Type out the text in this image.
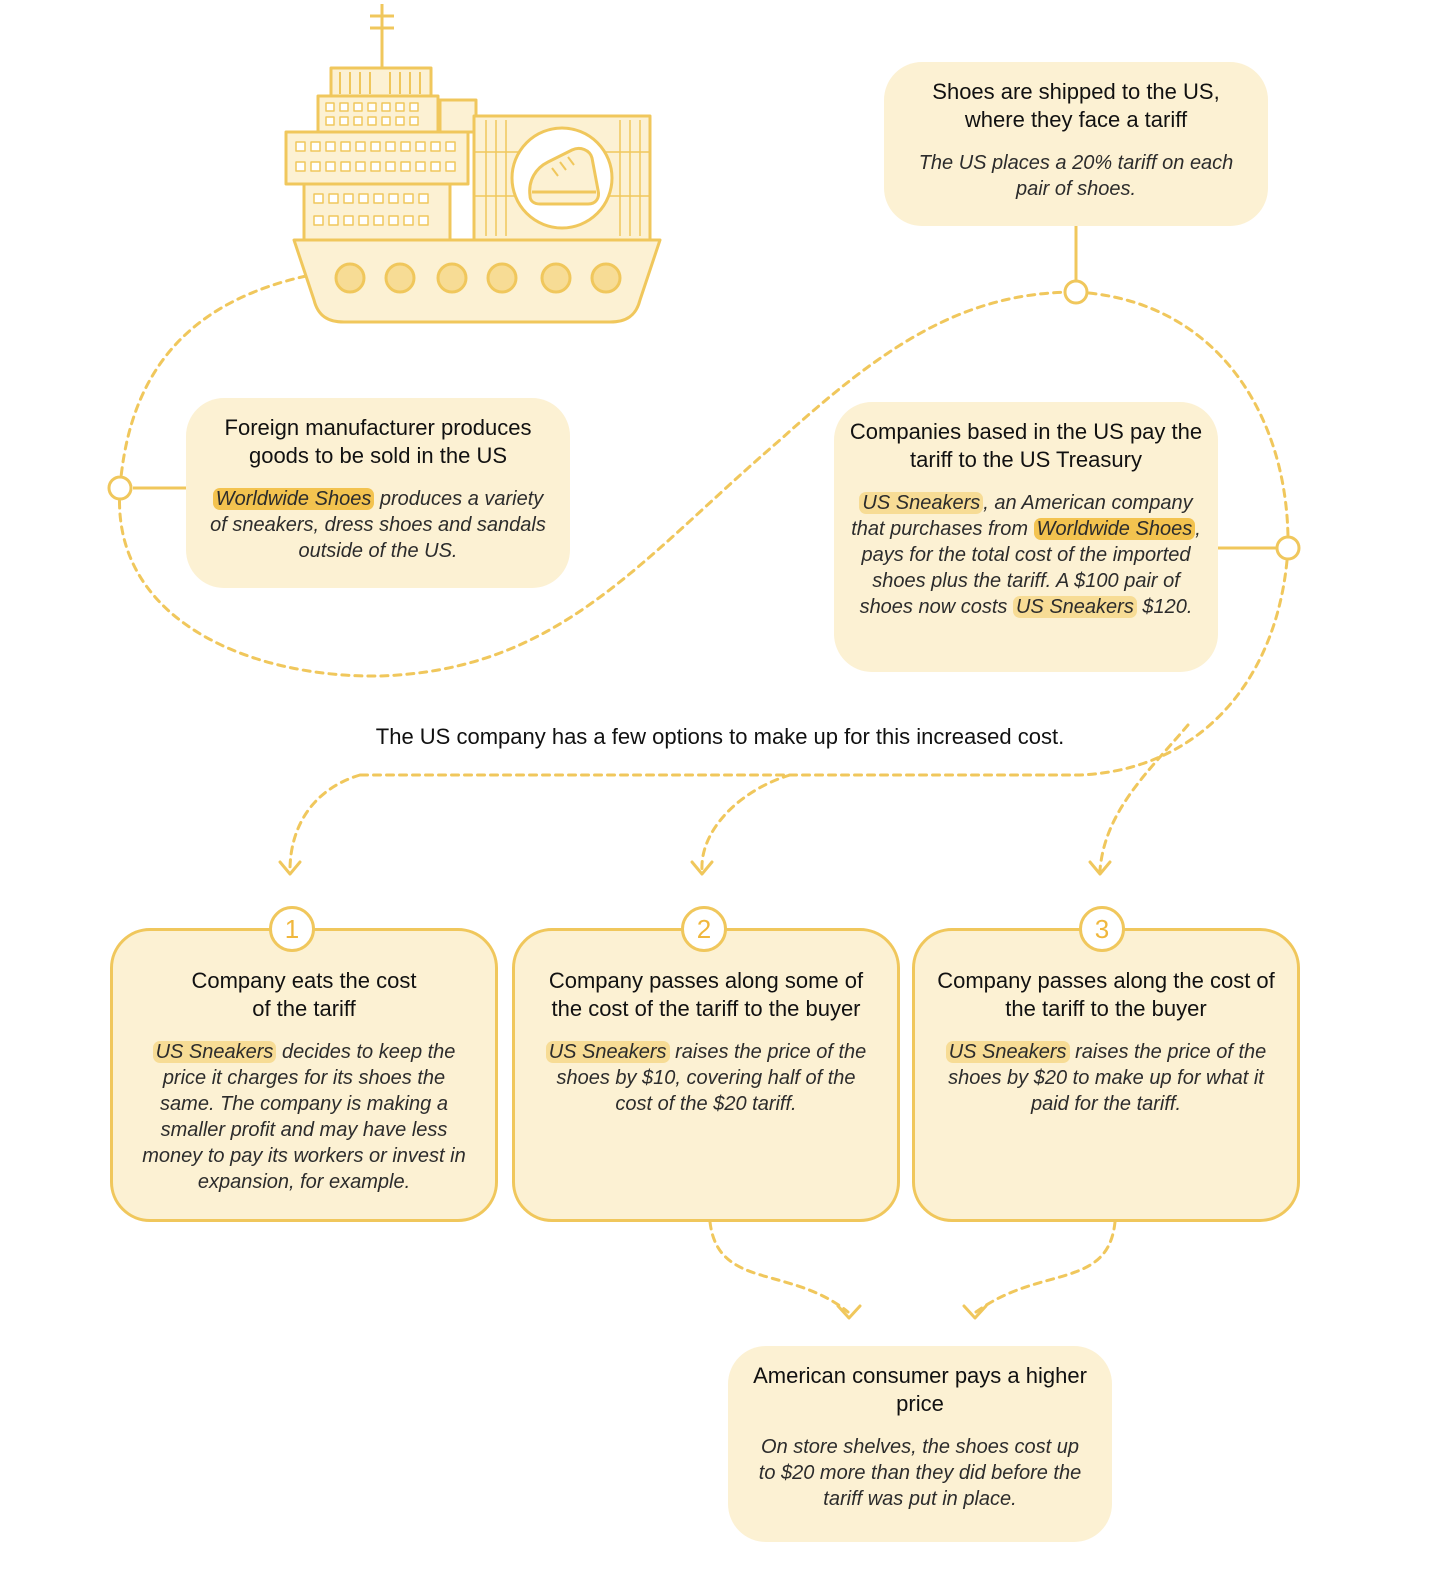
Foreign manufacturer produces goods to be sold in the US

Worldwide Shoes produces a variety of sneakers, dress shoes and sandals outside of the US.

Shoes are shipped to the US, where they face a tariff

The US places a 20% tariff on each pair of shoes.

Companies based in the US pay the tariff to the US Treasury

US Sneakers , an American company that purchases from Worldwide Shoes , pays for the total cost of the imported shoes plus the tariff. A $100 pair of shoes now costs US Sneakers $120.

The US company has a few options to make up for this increased cost.
1
Company eats the cost of the tariff

US Sneakers decides to keep the price it charges for its shoes the same. The company is making a smaller profit and may have less money to pay its workers or invest in expansion, for example.

2
Company passes along some of the cost of the tariff to the buyer

US Sneakers raises the price of the shoes by $10, covering half of the cost of the $20 tariff.

3
Company passes along the cost of the tariff to the buyer

US Sneakers raises the price of the shoes by $20 to make up for what it paid for the tariff.

American consumer pays a higher price

On store shelves, the shoes cost up to $20 more than they did before the tariff was put in place.
